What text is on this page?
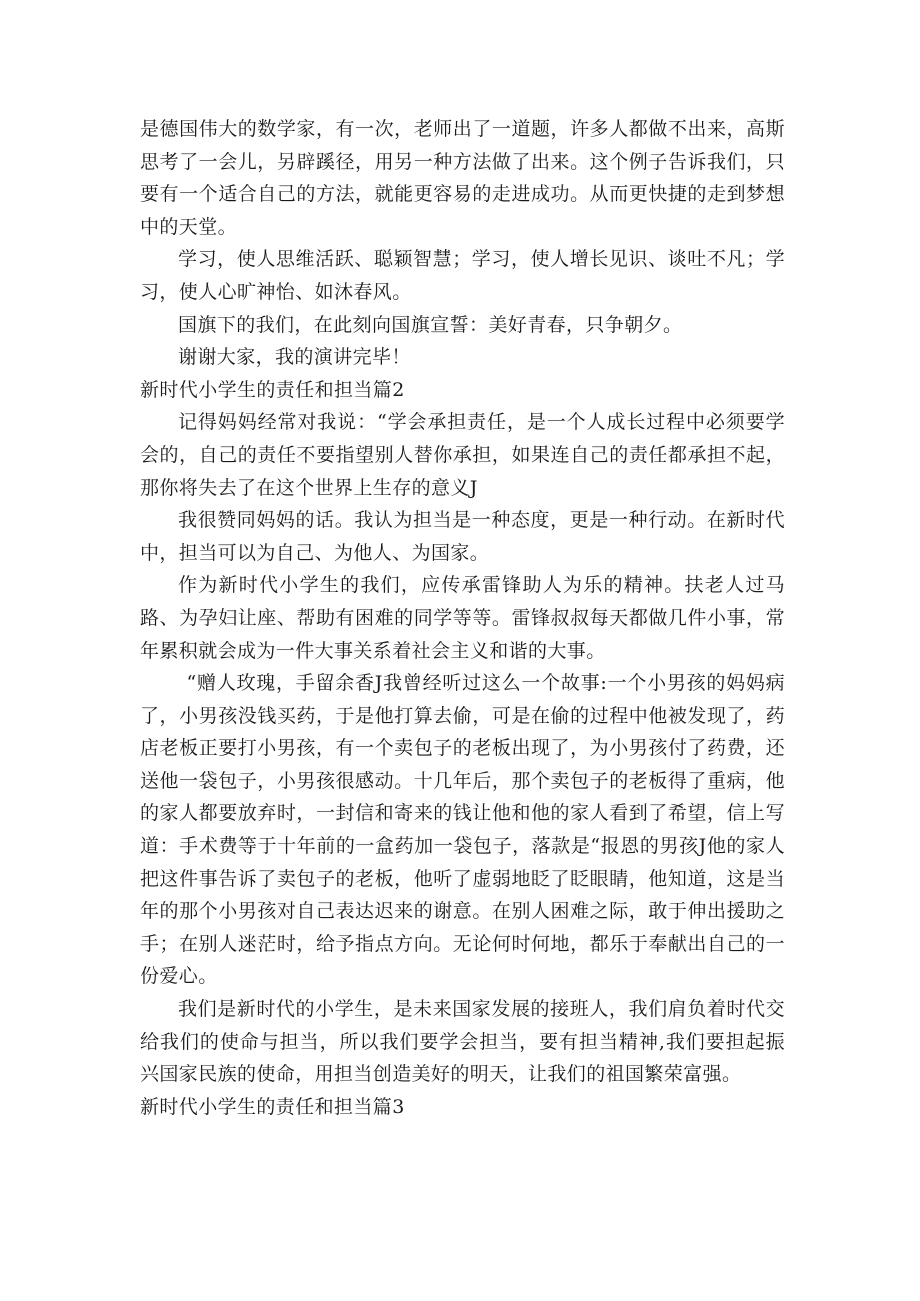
是德国伟大的数学家，有一次，老师出了一道题，许多人都做不出来，高斯思考了一会儿，另辟蹊径，用另一种方法做了出来。这个例子告诉我们，只要有一个适合自己的方法，就能更容易的走进成功。从而更快捷的走到梦想中的天堂。

学习，使人思维活跃、聪颖智慧；学习，使人增长见识、谈吐不凡；学习，使人心旷神怡、如沐春风。

国旗下的我们，在此刻向国旗宣誓：美好青春，只争朝夕。

谢谢大家，我的演讲完毕！

新时代小学生的责任和担当篇2

记得妈妈经常对我说：“学会承担责任，是一个人成长过程中必须要学会的，自己的责任不要指望别人替你承担，如果连自己的责任都承担不起，那你将失去了在这个世界上生存的意义J

我很赞同妈妈的话。我认为担当是一种态度，更是一种行动。在新时代中，担当可以为自己、为他人、为国家。

作为新时代小学生的我们，应传承雷锋助人为乐的精神。扶老人过马路、为孕妇让座、帮助有困难的同学等等。雷锋叔叔每天都做几件小事，常年累积就会成为一件大事关系着社会主义和谐的大事。

“赠人玫瑰，手留余香J我曾经听过这么一个故事:一个小男孩的妈妈病了，小男孩没钱买药，于是他打算去偷，可是在偷的过程中他被发现了，药店老板正要打小男孩，有一个卖包子的老板出现了，为小男孩付了药费，还送他一袋包子，小男孩很感动。十几年后，那个卖包子的老板得了重病，他的家人都要放弃时，一封信和寄来的钱让他和他的家人看到了希望，信上写道：手术费等于十年前的一盒药加一袋包子，落款是“报恩的男孩J他的家人把这件事告诉了卖包子的老板，他听了虚弱地眨了眨眼睛，他知道，这是当年的那个小男孩对自己表达迟来的谢意。在别人困难之际，敢于伸出援助之手；在别人迷茫时，给予指点方向。无论何时何地，都乐于奉献出自己的一份爱心。

我们是新时代的小学生，是未来国家发展的接班人，我们肩负着时代交给我们的使命与担当，所以我们要学会担当，要有担当精神,我们要担起振兴国家民族的使命，用担当创造美好的明天，让我们的祖国繁荣富强。

新时代小学生的责任和担当篇3
